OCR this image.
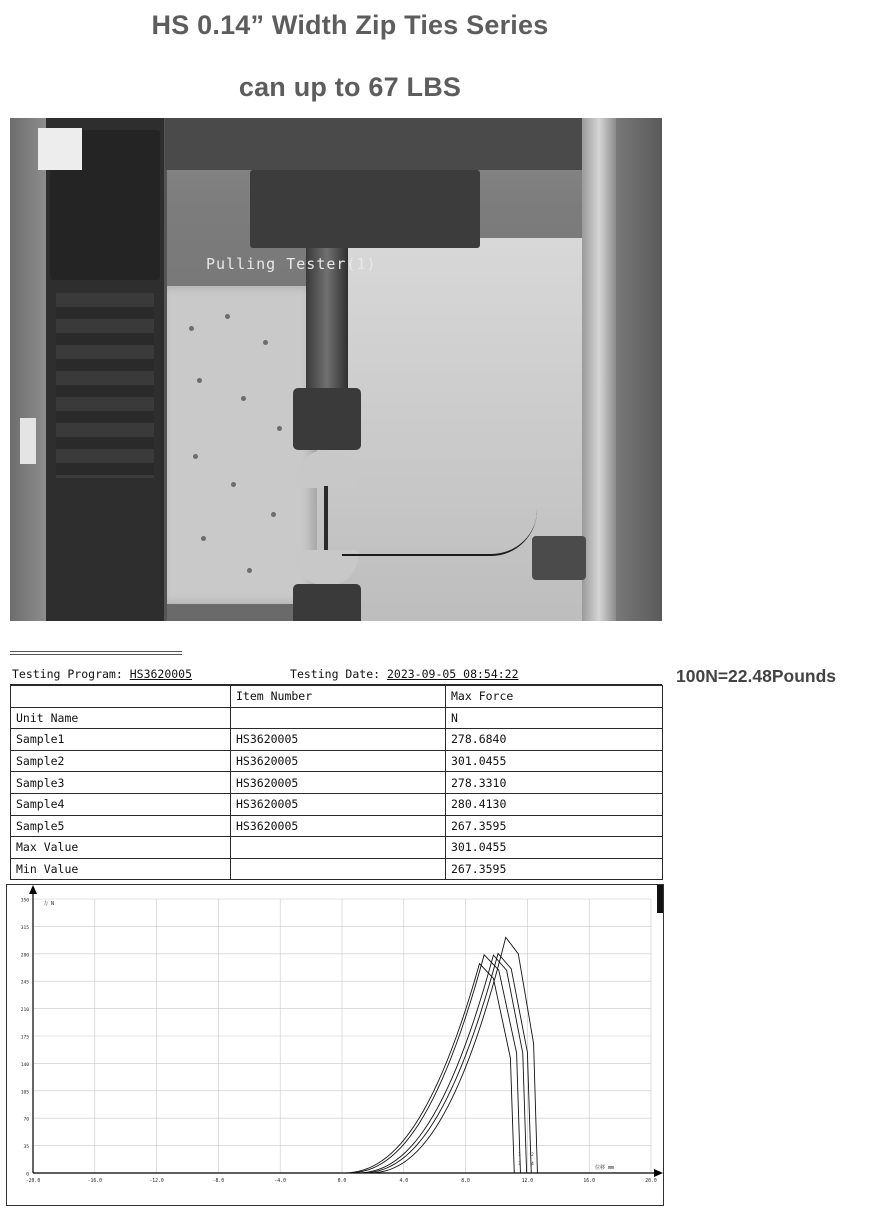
HS 0.14” Width Zip Ties Series
can up to 67 LBS
Pulling Tester(1)
Testing Program: HS3620005	Testing Date: 2023-09-05 08:54:22
	Item Number	Max Force
Unit Name		N
Sample1	HS3620005	278.6840
Sample2	HS3620005	301.0455
Sample3	HS3620005	278.3310
Sample4	HS3620005	280.4130
Sample5	HS3620005	267.3595
Max Value		301.0455
Min Value		267.3595
100N=22.48Pounds
0
35
70
105
140
175
210
245
280
315
350
-20.0	-16.0	-12.0	-8.0	-4.0	0.0	4.0	8.0	12.0	16.0	20.0
力 N
位移 mm
1 2
3 4
